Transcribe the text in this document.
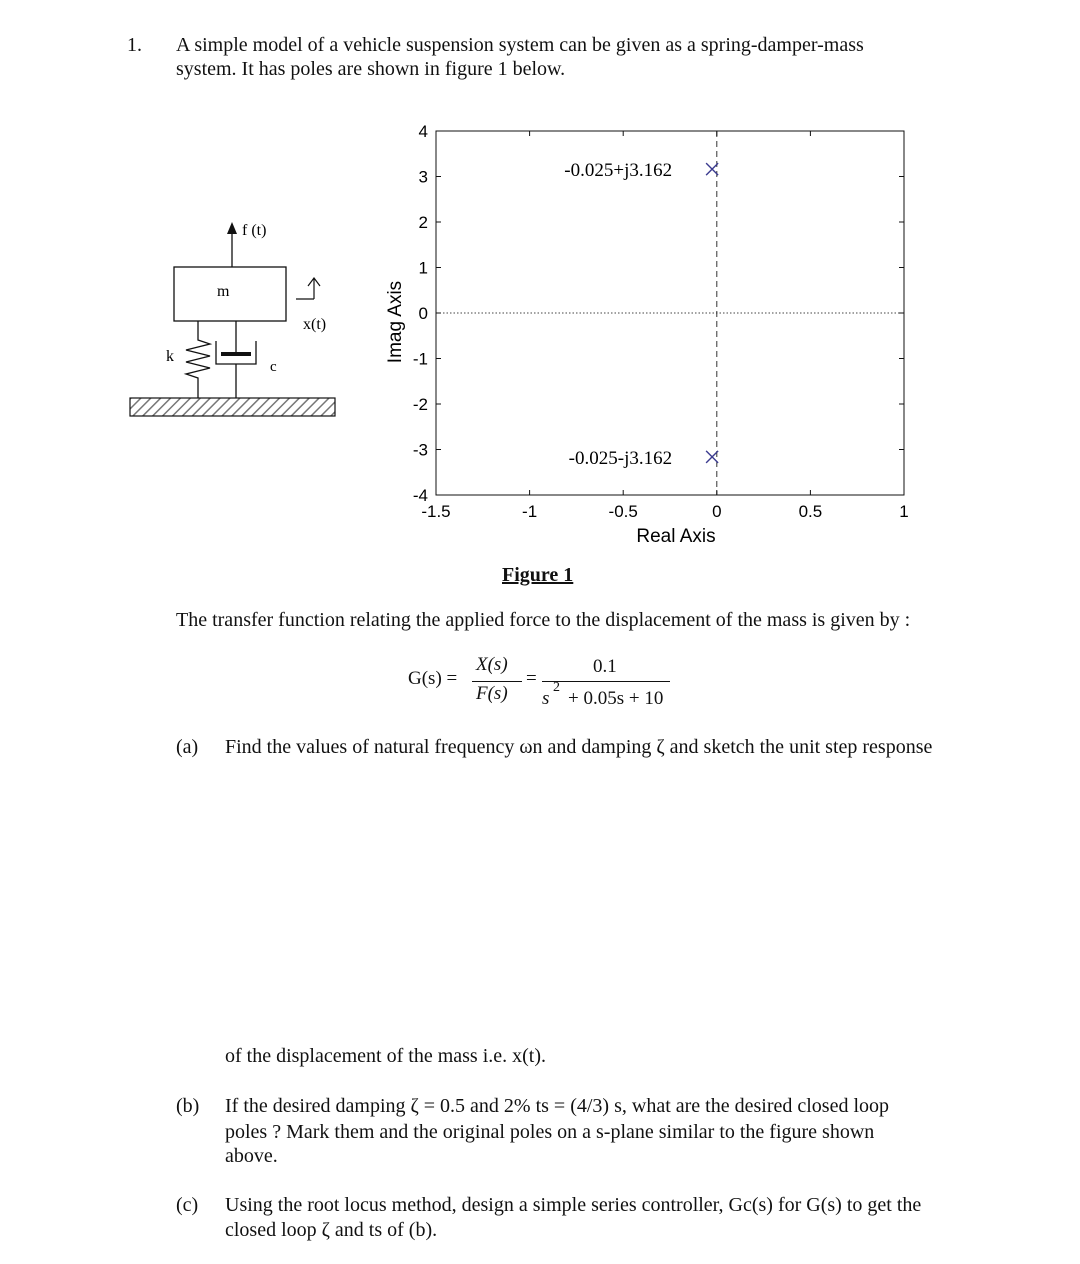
1. A simple model of a vehicle suspension system can be given as a spring-damper-mass
system. It has poles are shown in figure 1 below.
f (t)
m
x(t)
k
c
Imag Axis
Real Axis
-1.5	-1	-0.5	0	0.5	1
4
3
2
1
0
-1
-2
-3
-4
-0.025+j3.162
-0.025-j3.162
Figure 1
The transfer function relating the applied force to the displacement of the mass is given by :
G(s) =
X(s)
F(s)
=
0.1
s
2
+ 0.05s + 10
(a) Find the values of natural frequency ωn and damping ζ and sketch the unit step response
of the displacement of the mass i.e. x(t).
(b) If the desired damping ζ = 0.5 and 2% ts = (4/3) s, what are the desired closed loop
poles ? Mark them and the original poles on a s-plane similar to the figure shown
above.
(c) Using the root locus method, design a simple series controller, Gc(s) for G(s) to get the
closed loop ζ and ts of (b).
